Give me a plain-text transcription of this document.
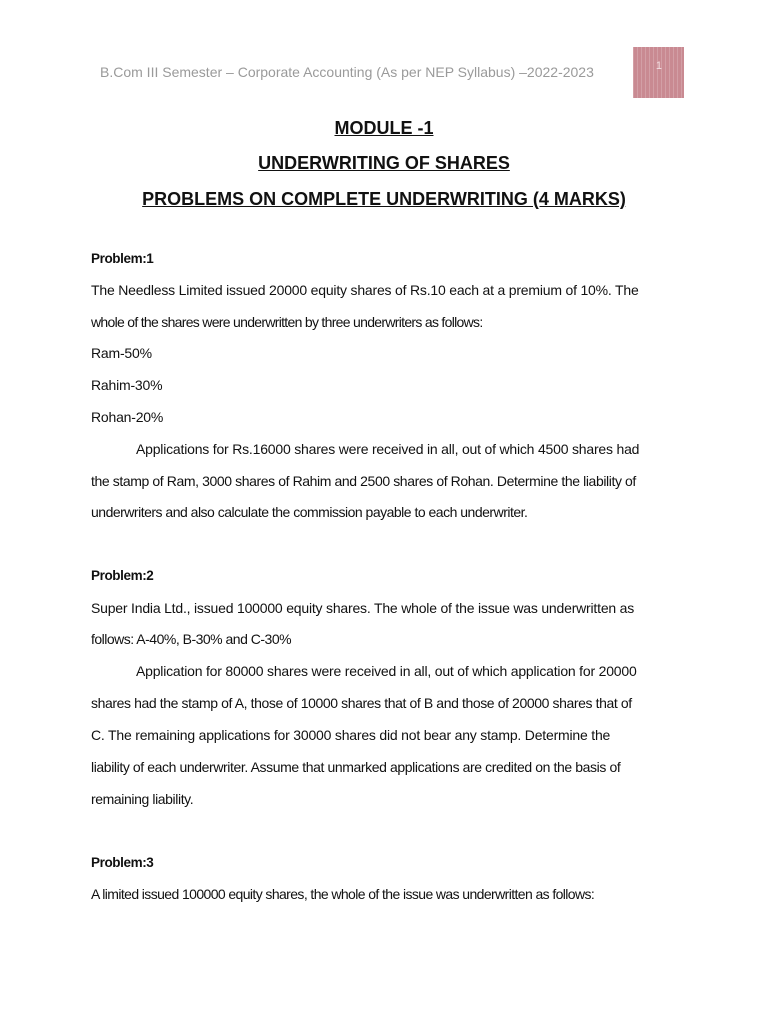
B.Com III Semester – Corporate Accounting (As per NEP Syllabus) –2022-2023	1
MODULE -1
UNDERWRITING OF SHARES
PROBLEMS ON COMPLETE UNDERWRITING (4 MARKS)
Problem:1
The Needless Limited issued 20000 equity shares of Rs.10 each at a premium of 10%. The
whole of the shares were underwritten by three underwriters as follows:
Ram-50%
Rahim-30%
Rohan-20%
Applications for Rs.16000 shares were received in all, out of which 4500 shares had
the stamp of Ram, 3000 shares of Rahim and 2500 shares of Rohan. Determine the liability of
underwriters and also calculate the commission payable to each underwriter.
Problem:2
Super India Ltd., issued 100000 equity shares. The whole of the issue was underwritten as
follows: A-40%, B-30% and C-30%
Application for 80000 shares were received in all, out of which application for 20000
shares had the stamp of A, those of 10000 shares that of B and those of 20000 shares that of
C. The remaining applications for 30000 shares did not bear any stamp. Determine the
liability of each underwriter. Assume that unmarked applications are credited on the basis of
remaining liability.
Problem:3
A limited issued 100000 equity shares, the whole of the issue was underwritten as follows:
